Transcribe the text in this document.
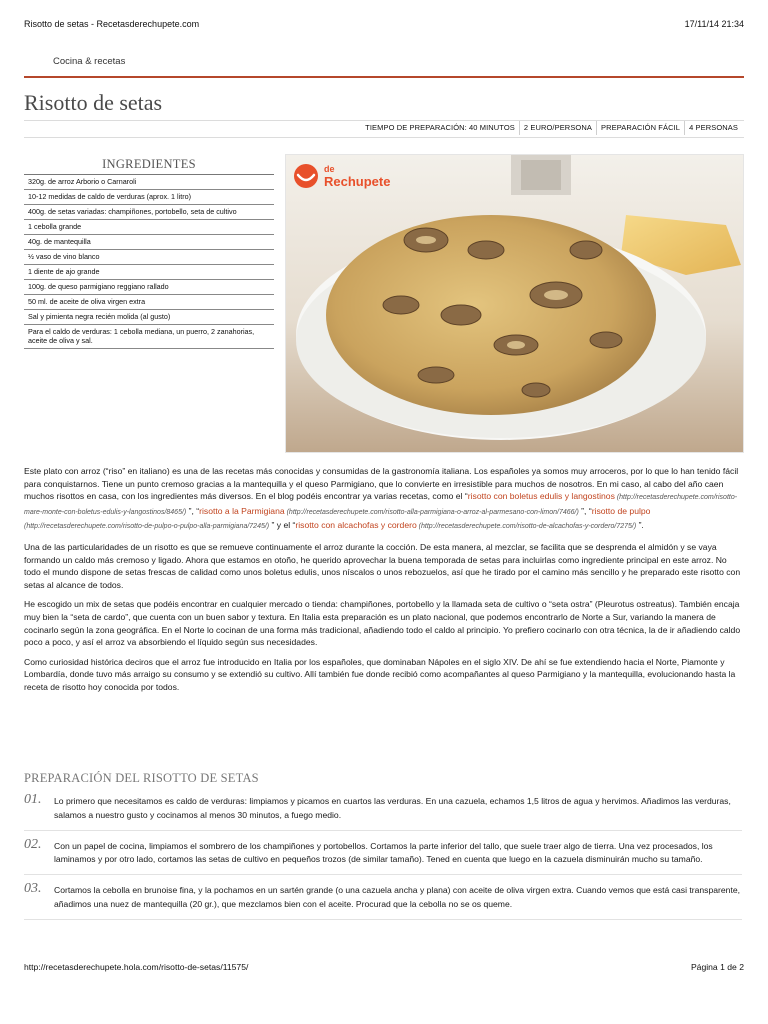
Risotto de setas - Recetasderechupete.com	17/11/14 21:34
Cocina & recetas
Risotto de setas
TIEMPO DE PREPARACIÓN: 40 MINUTOS	2 EURO/PERSONA	PREPARACIÓN FÁCIL	4 PERSONAS
INGREDIENTES
320g. de arroz Arborio o Carnaroli
10-12 medidas de caldo de verduras (aprox. 1 litro)
400g. de setas variadas: champiñones, portobello, seta de cultivo
1 cebolla grande
40g. de mantequilla
½ vaso de vino blanco
1 diente de ajo grande
100g. de queso parmigiano reggiano rallado
50 ml. de aceite de oliva virgen extra
Sal y pimienta negra recién molida (al gusto)
Para el caldo de verduras: 1 cebolla mediana, un puerro, 2 zanahorias, aceite de oliva y sal.
de
Rechupete

Este plato con arroz (“riso” en italiano) es una de las recetas más conocidas y consumidas de la gastronomía italiana. Los españoles ya somos muy arroceros, por lo que lo han tenido fácil para conquistarnos. Tiene un punto cremoso gracias a la mantequilla y el queso Parmigiano, que lo convierte en irresistible para muchos de nosotros. En mi caso, al cabo del año caen muchos risottos en casa, con los ingredientes más diversos. En el blog podéis encontrar ya varias recetas, como el “risotto con boletus edulis y langostinos (http://recetasderechupete.com/risotto-mare-monte-con-boletus-edulis-y-langostinos/8465/) ”, “risotto a la Parmigiana (http://recetasderechupete.com/risotto-alla-parmigiana-o-arroz-al-parmesano-con-limon/7466/) ”, “risotto de pulpo (http://recetasderechupete.com/risotto-de-pulpo-o-pulpo-alla-parmigiana/7245/) ” y el “risotto con alcachofas y cordero (http://recetasderechupete.com/risotto-de-alcachofas-y-cordero/7275/) ”.

Una de las particularidades de un risotto es que se remueve continuamente el arroz durante la cocción. De esta manera, al mezclar, se facilita que se desprenda el almidón y se vaya formando un caldo más cremoso y ligado. Ahora que estamos en otoño, he querido aprovechar la buena temporada de setas para incluirlas como ingrediente principal en este arroz. No todo el mundo dispone de setas frescas de calidad como unos boletus edulis, unos níscalos o unos rebozuelos, así que he tirado por el camino más sencillo y he preparado este risotto con setas al alcance de todos.

He escogido un mix de setas que podéis encontrar en cualquier mercado o tienda: champiñones, portobello y la llamada seta de cultivo o “seta ostra” (Pleurotus ostreatus). También encaja muy bien la “seta de cardo”, que cuenta con un buen sabor y textura. En Italia esta preparación es un plato nacional, que podemos encontrarlo de Norte a Sur, variando la manera de cocinarlo según la zona geográfica. En el Norte lo cocinan de una forma más tradicional, añadiendo todo el caldo al principio. Yo prefiero cocinarlo con otra técnica, la de ir añadiendo caldo poco a poco, y así el arroz va absorbiendo el líquido según sus necesidades.

Como curiosidad histórica deciros que el arroz fue introducido en Italia por los españoles, que dominaban Nápoles en el siglo XIV. De ahí se fue extendiendo hacia el Norte, Piamonte y Lombardía, donde tuvo más arraigo su consumo y se extendió su cultivo. Allí también fue donde recibió como acompañantes al queso Parmigiano y la mantequilla, evolucionando hasta la receta de risotto hoy conocida por todos.

PREPARACIÓN DEL RISOTTO DE SETAS
01. Lo primero que necesitamos es caldo de verduras: limpiamos y picamos en cuartos las verduras. En una cazuela, echamos 1,5 litros de agua y hervimos. Añadimos las verduras, salamos a nuestro gusto y cocinamos al menos 30 minutos, a fuego medio.
02. Con un papel de cocina, limpiamos el sombrero de los champiñones y portobellos. Cortamos la parte inferior del tallo, que suele traer algo de tierra. Una vez procesados, los laminamos y por otro lado, cortamos las setas de cultivo en pequeños trozos (de similar tamaño). Tened en cuenta que luego en la cazuela disminuirán mucho su tamaño.
03. Cortamos la cebolla en brunoise fina, y la pochamos en un sartén grande (o una cazuela ancha y plana) con aceite de oliva virgen extra. Cuando vemos que está casi transparente, añadimos una nuez de mantequilla (20 gr.), que mezclamos bien con el aceite. Procurad que la cebolla no se os queme.
http://recetasderechupete.hola.com/risotto-de-setas/11575/	Página 1 de 2
